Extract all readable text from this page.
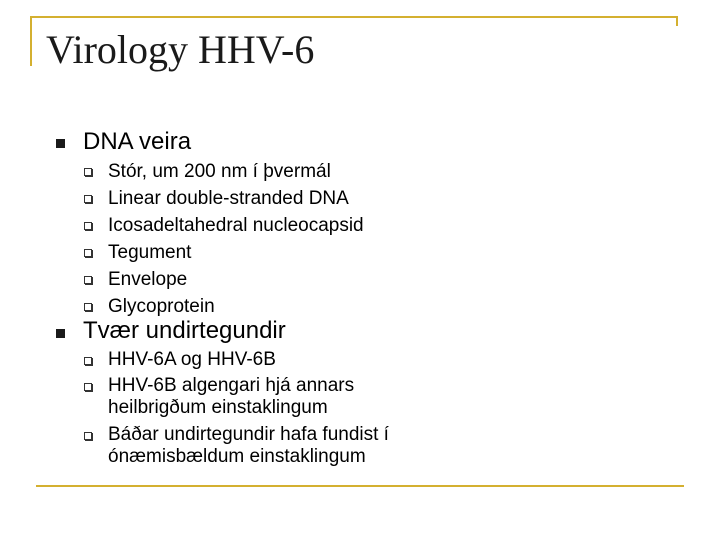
Virology HHV-6
DNA veira
Stór, um 200 nm í þvermál
Linear double-stranded DNA
Icosadeltahedral nucleocapsid
Tegument
Envelope
Glycoprotein
Tvær undirtegundir
HHV-6A og HHV-6B
HHV-6B algengari hjá annars heilbrigðum einstaklingum
Báðar undirtegundir hafa fundist í ónæmisbældum einstaklingum
